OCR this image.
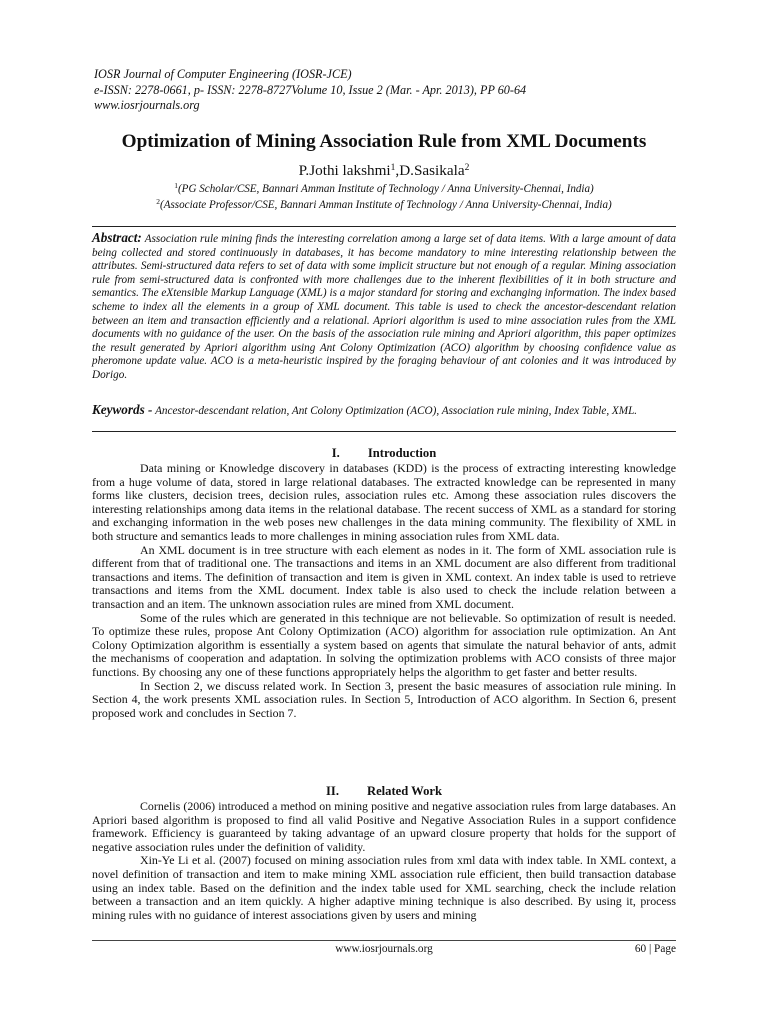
IOSR Journal of Computer Engineering (IOSR-JCE)
e-ISSN: 2278-0661, p- ISSN: 2278-8727Volume 10, Issue 2 (Mar. - Apr. 2013), PP 60-64
www.iosrjournals.org
Optimization of Mining Association Rule from XML Documents
P.Jothi lakshmi$^1$,D.Sasikala$^2$
$^1$(PG Scholar/CSE, Bannari Amman Institute of Technology / Anna University-Chennai, India)
$^2$(Associate Professor/CSE, Bannari Amman Institute of Technology / Anna University-Chennai, India)
Abstract: Association rule mining finds the interesting correlation among a large set of data items. With a large amount of data being collected and stored continuously in databases, it has become mandatory to mine interesting relationship between the attributes. Semi-structured data refers to set of data with some implicit structure but not enough of a regular. Mining association rule from semi-structured data is confronted with more challenges due to the inherent flexibilities of it in both structure and semantics. The eXtensible Markup Language (XML) is a major standard for storing and exchanging information. The index based scheme to index all the elements in a group of XML document. This table is used to check the ancestor-descendant relation between an item and transaction efficiently and a relational. Apriori algorithm is used to mine association rules from the XML documents with no guidance of the user. On the basis of the association rule mining and Apriori algorithm, this paper optimizes the result generated by Apriori algorithm using Ant Colony Optimization (ACO) algorithm by choosing confidence value as pheromone update value. ACO is a meta-heuristic inspired by the foraging behaviour of ant colonies and it was introduced by Dorigo.
Keywords - Ancestor-descendant relation, Ant Colony Optimization (ACO), Association rule mining, Index Table, XML.
I. Introduction

Data mining or Knowledge discovery in databases (KDD) is the process of extracting interesting knowledge from a huge volume of data, stored in large relational databases. The extracted knowledge can be represented in many forms like clusters, decision trees, decision rules, association rules etc. Among these association rules discovers the interesting relationships among data items in the relational database. The recent success of XML as a standard for storing and exchanging information in the web poses new challenges in the data mining community. The flexibility of XML in both structure and semantics leads to more challenges in mining association rules from XML data.

An XML document is in tree structure with each element as nodes in it. The form of XML association rule is different from that of traditional one. The transactions and items in an XML document are also different from traditional transactions and items. The definition of transaction and item is given in XML context. An index table is used to retrieve transactions and items from the XML document. Index table is also used to check the include relation between a transaction and an item. The unknown association rules are mined from XML document.

Some of the rules which are generated in this technique are not believable. So optimization of result is needed. To optimize these rules, propose Ant Colony Optimization (ACO) algorithm for association rule optimization. An Ant Colony Optimization algorithm is essentially a system based on agents that simulate the natural behavior of ants, admit the mechanisms of cooperation and adaptation. In solving the optimization problems with ACO consists of three major functions. By choosing any one of these functions appropriately helps the algorithm to get faster and better results.

In Section 2, we discuss related work. In Section 3, present the basic measures of association rule mining. In Section 4, the work presents XML association rules. In Section 5, Introduction of ACO algorithm. In Section 6, present proposed work and concludes in Section 7.

II. Related Work

Cornelis (2006) introduced a method on mining positive and negative association rules from large databases. An Apriori based algorithm is proposed to find all valid Positive and Negative Association Rules in a support confidence framework. Efficiency is guaranteed by taking advantage of an upward closure property that holds for the support of negative association rules under the definition of validity.

Xin-Ye Li et al. (2007) focused on mining association rules from xml data with index table. In XML context, a novel definition of transaction and item to make mining XML association rule efficient, then build transaction database using an index table. Based on the definition and the index table used for XML searching, check the include relation between a transaction and an item quickly. A higher adaptive mining technique is also described. By using it, process mining rules with no guidance of interest associations given by users and mining

www.iosrjournals.org	60 | Page
